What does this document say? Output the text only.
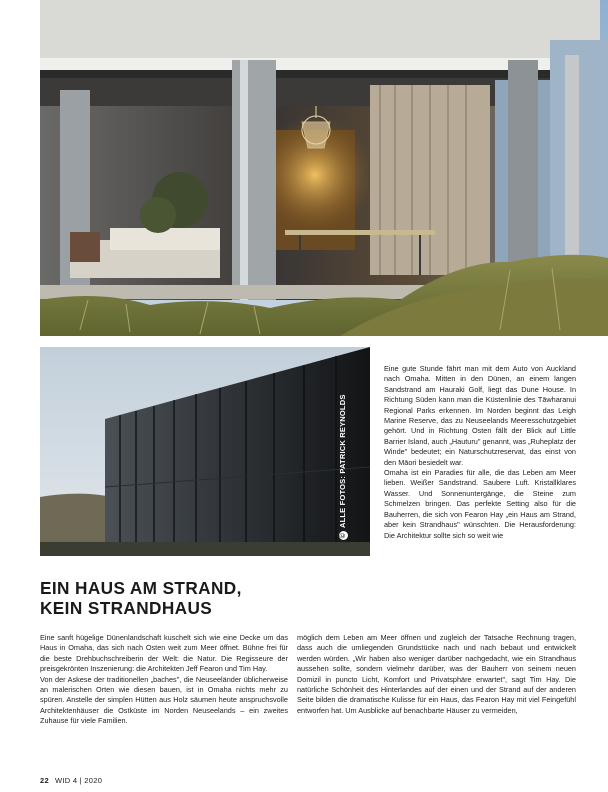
©ALLE FOTOS: PATRICK REYNOLDS

Eine gute Stunde fährt man mit dem Auto von Auckland nach Omaha. Mitten in den Dünen, an einem langen Sandstrand am Hauraki Golf, liegt das Dune House. In Richtung Süden kann man die Küstenlinie des Tāwharanui Regional Parks erkennen. Im Norden beginnt das Leigh Marine Reserve, das zu Neuseelands Meeresschutzgebiet gehört. Und in Richtung Osten fällt der Blick auf Little Barrier Island, auch „Hauturu" genannt, was „Ruheplatz der Winde" bedeutet; ein Naturschutzreservat, das einst von den Māori besiedelt war.

Omaha ist ein Paradies für alle, die das Leben am Meer lieben. Weißer Sandstrand. Saubere Luft. Kristallklares Wasser. Und Sonnenuntergänge, die Steine zum Schmelzen bringen. Das perfekte Setting also für die Bauherren, die sich von Fearon Hay „ein Haus am Strand, aber kein Strandhaus" wünschten. Die Herausforderung: Die Architektur sollte sich so weit wie

EIN HAUS AM STRAND,
KEIN STRANDHAUS

Eine sanft hügelige Dünenlandschaft kuschelt sich wie eine Decke um das Haus in Omaha, das sich nach Osten weit zum Meer öffnet. Bühne frei für die beste Drehbuchschreiberin der Welt: die Natur. Die Regisseure der preisgekrönten Inszenierung: die Architekten Jeff Fearon und Tim Hay.

Von der Askese der traditionellen „baches", die Neuseeländer üblicherweise an malerischen Orten wie diesen bauen, ist in Omaha nichts mehr zu spüren. Anstelle der simplen Hütten aus Holz säumen heute anspruchsvolle Architektenhäuser die Ostküste im Norden Neuseelands – ein zweites Zuhause für viele Familien.

möglich dem Leben am Meer öffnen und zugleich der Tatsache Rechnung tragen, dass auch die umliegenden Grundstücke nach und nach bebaut und entwickelt werden würden. „Wir haben also weniger darüber nachgedacht, wie ein Strandhaus aussehen sollte, sondern vielmehr darüber, was der Bauherr von seinem neuen Domizil in puncto Licht, Komfort und Privatsphäre erwartet", sagt Tim Hay. Die natürliche Schönheit des Hinterlandes auf der einen und der Strand auf der anderen Seite bilden die dramatische Kulisse für ein Haus, das Fearon Hay mit viel Feingefühl entworfen hat. Um Ausblicke auf benachbarte Häuser zu vermeiden,

22 WID 4 | 2020
